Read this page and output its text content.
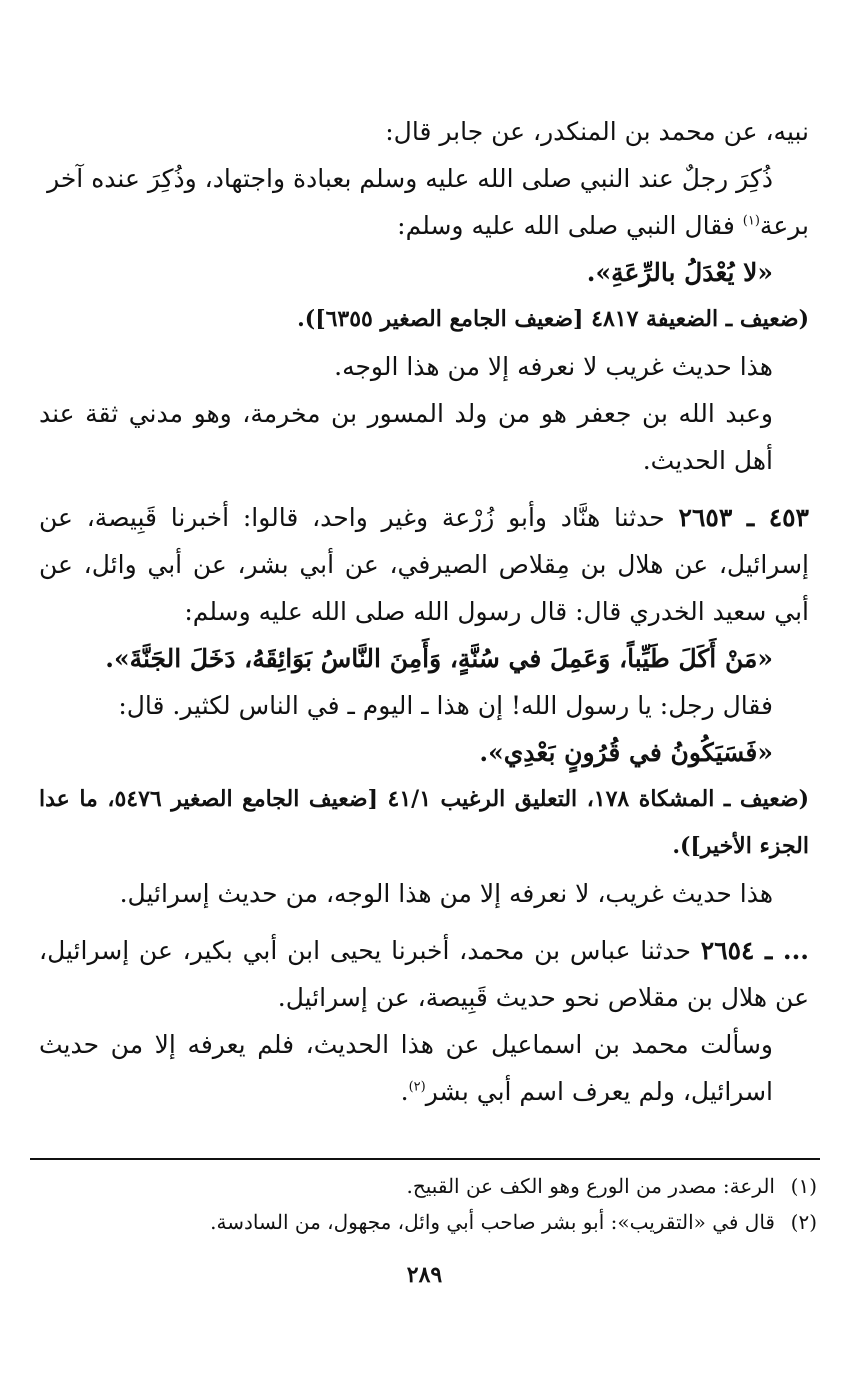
نبيه، عن محمد بن المنكدر، عن جابر قال:

ذُكِرَ رجلٌ عند النبي صلى الله عليه وسلم بعبادة واجتهاد، وذُكِرَ عنده آخر

برعة$^{(١)}$ فقال النبي صلى الله عليه وسلم:

«لا يُعْدَلُ بالرِّعَةِ».

(ضعيف ـ الضعيفة ٤٨١٧ [ضعيف الجامع الصغير ٦٣٥٥]).

هذا حديث غريب لا نعرفه إلا من هذا الوجه.

وعبد الله بن جعفر هو من ولد المسور بن مخرمة، وهو مدني ثقة عند أهل الحديث.

٤٥٣ ـ ٢٦٥٣ حدثنا هنَّاد وأبو زُرْعة وغير واحد، قالوا: أخبرنا قَبِيصة، عن إسرائيل، عن هلال بن مِقلاص الصيرفي، عن أبي بشر، عن أبي وائل، عن أبي سعيد الخدري قال: قال رسول الله صلى الله عليه وسلم:

«مَنْ أَكَلَ طَيِّباً، وَعَمِلَ في سُنَّةٍ، وَأَمِنَ النَّاسُ بَوَائِقَهُ، دَخَلَ الجَنَّةَ».

فقال رجل: يا رسول الله! إن هذا ـ اليوم ـ في الناس لكثير. قال:

«فَسَيَكُونُ في قُرُونٍ بَعْدِي».

(ضعيف ـ المشكاة ١٧٨، التعليق الرغيب ٤١/١ [ضعيف الجامع الصغير ٥٤٧٦، ما عدا الجزء الأخير]).

هذا حديث غريب، لا نعرفه إلا من هذا الوجه، من حديث إسرائيل.

... ـ ٢٦٥٤ حدثنا عباس بن محمد، أخبرنا يحيى ابن أبي بكير، عن إسرائيل، عن هلال بن مقلاص نحو حديث قَبِيصة، عن إسرائيل.

وسألت محمد بن اسماعيل عن هذا الحديث، فلم يعرفه إلا من حديث اسرائيل، ولم يعرف اسم أبي بشر$^{(٢)}$.

(١)الرعة: مصدر من الورع وهو الكف عن القبيح.

(٢)قال في «التقريب»: أبو بشر صاحب أبي وائل، مجهول، من السادسة.

٢٨٩
